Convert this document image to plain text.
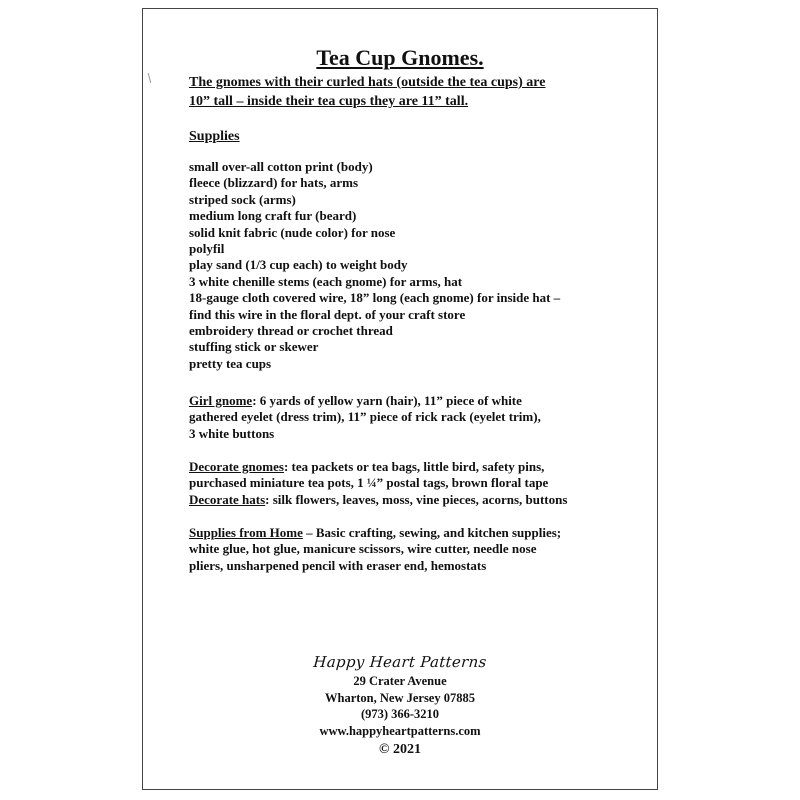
Tea Cup Gnomes.
The gnomes with their curled hats (outside the tea cups) are
10” tall – inside their tea cups they are 11” tall.
Supplies
small over-all cotton print (body)
fleece (blizzard) for hats, arms
striped sock (arms)
medium long craft fur (beard)
solid knit fabric (nude color) for nose
polyfil
play sand (1/3 cup each) to weight body
3 white chenille stems (each gnome) for arms, hat
18-gauge cloth covered wire, 18” long (each gnome) for inside hat –
find this wire in the floral dept. of your craft store
embroidery thread or crochet thread
stuffing stick or skewer
pretty tea cups
Girl gnome: 6 yards of yellow yarn (hair), 11” piece of white
gathered eyelet (dress trim), 11” piece of rick rack (eyelet trim),
3 white buttons
Decorate gnomes: tea packets or tea bags, little bird, safety pins,
purchased miniature tea pots, 1 ¼” postal tags, brown floral tape
Decorate hats: silk flowers, leaves, moss, vine pieces, acorns, buttons
Supplies from Home – Basic crafting, sewing, and kitchen supplies;
white glue, hot glue, manicure scissors, wire cutter, needle nose
pliers, unsharpened pencil with eraser end, hemostats
Happy Heart Patterns
29 Crater Avenue
Wharton, New Jersey 07885
(973) 366-3210
www.happyheartpatterns.com
© 2021
